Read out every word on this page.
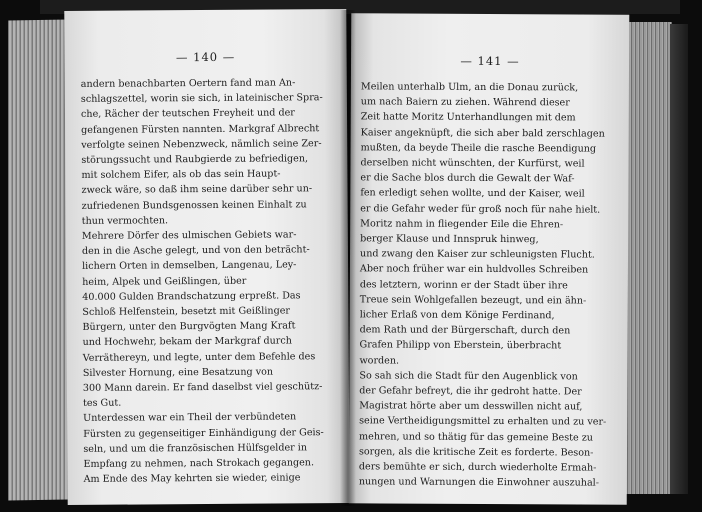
— 140 —
andern benachbarten Oertern fand man An-
schlagszettel, worin sie sich, in lateinischer Spra-
che, Rächer der teutschen Freyheit und der
gefangenen Fürsten nannten. Markgraf Albrecht
verfolgte seinen Nebenzweck, nämlich seine Zer-
störungssucht und Raubgierde zu befriedigen,
mit solchem Eifer, als ob das sein Haupt-
zweck wäre, so daß ihm seine darüber sehr un-
zufriedenen Bundsgenossen keinen Einhalt zu
thun vermochten.
Mehrere Dörfer des ulmischen Gebiets war-
den in die Asche gelegt, und von den beträcht-
lichern Orten in demselben, Langenau, Ley-
heim, Alpek und Geißlingen, über
40.000 Gulden Brandschatzung erpreßt. Das
Schloß Helfenstein, besetzt mit Geißlinger
Bürgern, unter den Burgvögten Mang Kraft
und Hochwehr, bekam der Markgraf durch
Verräthereyn, und legte, unter dem Befehle des
Silvester Hornung, eine Besatzung von
300 Mann darein. Er fand daselbst viel geschütz-
tes Gut.
Unterdessen war ein Theil der verbündeten
Fürsten zu gegenseitiger Einhändigung der Geis-
seln, und um die französischen Hülfsgelder in
Empfang zu nehmen, nach Strokach gegangen.
Am Ende des May kehrten sie wieder, einige
— 141 —
Meilen unterhalb Ulm, an die Donau zurück,
um nach Baiern zu ziehen. Während dieser
Zeit hatte Moritz Unterhandlungen mit dem
Kaiser angeknüpft, die sich aber bald zerschlagen
mußten, da beyde Theile die rasche Beendigung
derselben nicht wünschten, der Kurfürst, weil
er die Sache blos durch die Gewalt der Waf-
fen erledigt sehen wollte, und der Kaiser, weil
er die Gefahr weder für groß noch für nahe hielt.
Moritz nahm in fliegender Eile die Ehren-
berger Klause und Innspruk hinweg,
und zwang den Kaiser zur schleunigsten Flucht.
Aber noch früher war ein huldvolles Schreiben
des letztern, worinn er der Stadt über ihre
Treue sein Wohlgefallen bezeugt, und ein ähn-
licher Erlaß von dem Könige Ferdinand,
dem Rath und der Bürgerschaft, durch den
Grafen Philipp von Eberstein, überbracht
worden.
So sah sich die Stadt für den Augenblick von
der Gefahr befreyt, die ihr gedroht hatte. Der
Magistrat hörte aber um desswillen nicht auf,
seine Vertheidigungsmittel zu erhalten und zu ver-
mehren, und so thätig für das gemeine Beste zu
sorgen, als die kritische Zeit es forderte. Beson-
ders bemühte er sich, durch wiederholte Ermah-
nungen und Warnungen die Einwohner auszuhal-
